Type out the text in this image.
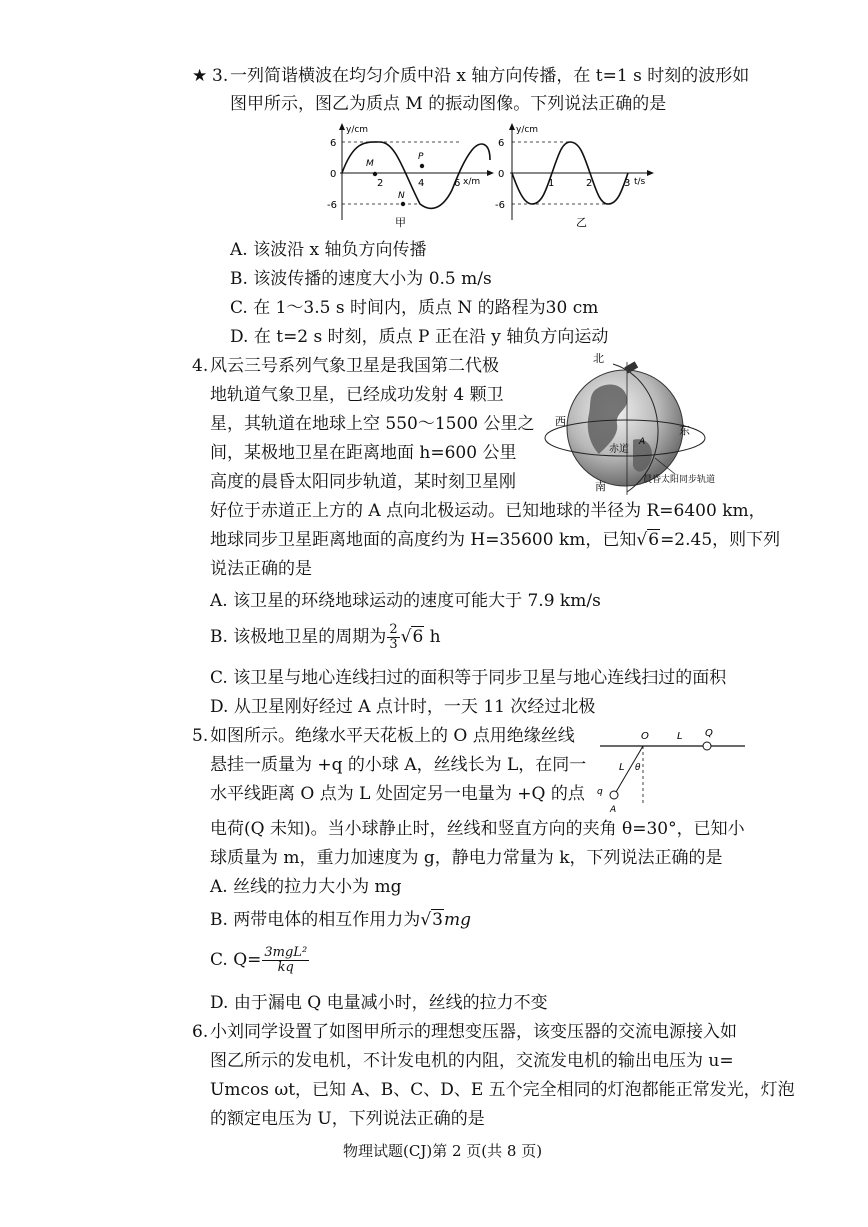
★ 3. 一列简谐横波在均匀介质中沿 x 轴方向传播，在 t=1 s 时刻的波形如
图甲所示，图乙为质点 M 的振动图像。下列说法正确的是
y/cm
x/m
6
0
-6
2	4	6
M
N
P
甲
y/cm
t/s
6
0
-6
1	2	3
乙
A. 该波沿 x 轴负方向传播
B. 该波传播的速度大小为 0.5 m/s
C. 在 1～3.5 s 时间内，质点 N 的路程为30 cm
D. 在 t=2 s 时刻，质点 P 正在沿 y 轴负方向运动
4. 风云三号系列气象卫星是我国第二代极
地轨道气象卫星，已经成功发射 4 颗卫
星，其轨道在地球上空 550～1500 公里之
间，某极地卫星在距离地面 h=600 公里
高度的晨昏太阳同步轨道，某时刻卫星刚
好位于赤道正上方的 A 点向北极运动。已知地球的半径为 R=6400 km，
地球同步卫星距离地面的高度约为 H=35600 km，已知√6=2.45，则下列
说法正确的是
北
南
西
东
赤道
A
晨昏太阳同步轨道
A. 该卫星的环绕地球运动的速度可能大于 7.9 km/s
B. 该极地卫星的周期为 $\frac{2}{3} √6$ h
C. 该卫星与地心连线扫过的面积等于同步卫星与地心连线扫过的面积
D. 从卫星刚好经过 A 点计时，一天 11 次经过北极
5. 如图所示。绝缘水平天花板上的 O 点用绝缘丝线
悬挂一质量为 +q 的小球 A，丝线长为 L，在同一
水平线距离 O 点为 L 处固定另一电量为 +Q 的点
电荷(Q 未知)。当小球静止时，丝线和竖直方向的夹角 θ=30°，已知小
球质量为 m，重力加速度为 g，静电力常量为 k，下列说法正确的是
O	L Q
L θ
q
A
A. 丝线的拉力大小为 mg
B. 两带电体的相互作用力为√3mg
C. $Q= \frac{\text{3mgL²}}{kq}$
D. 由于漏电 Q 电量减小时，丝线的拉力不变
6. 小刘同学设置了如图甲所示的理想变压器，该变压器的交流电源接入如
图乙所示的发电机，不计发电机的内阻，交流发电机的输出电压为 u=
Umcos ωt，已知 A、B、C、D、E 五个完全相同的灯泡都能正常发光，灯泡
的额定电压为 U，下列说法正确的是
物理试题(CJ)第 2 页(共 8 页)
